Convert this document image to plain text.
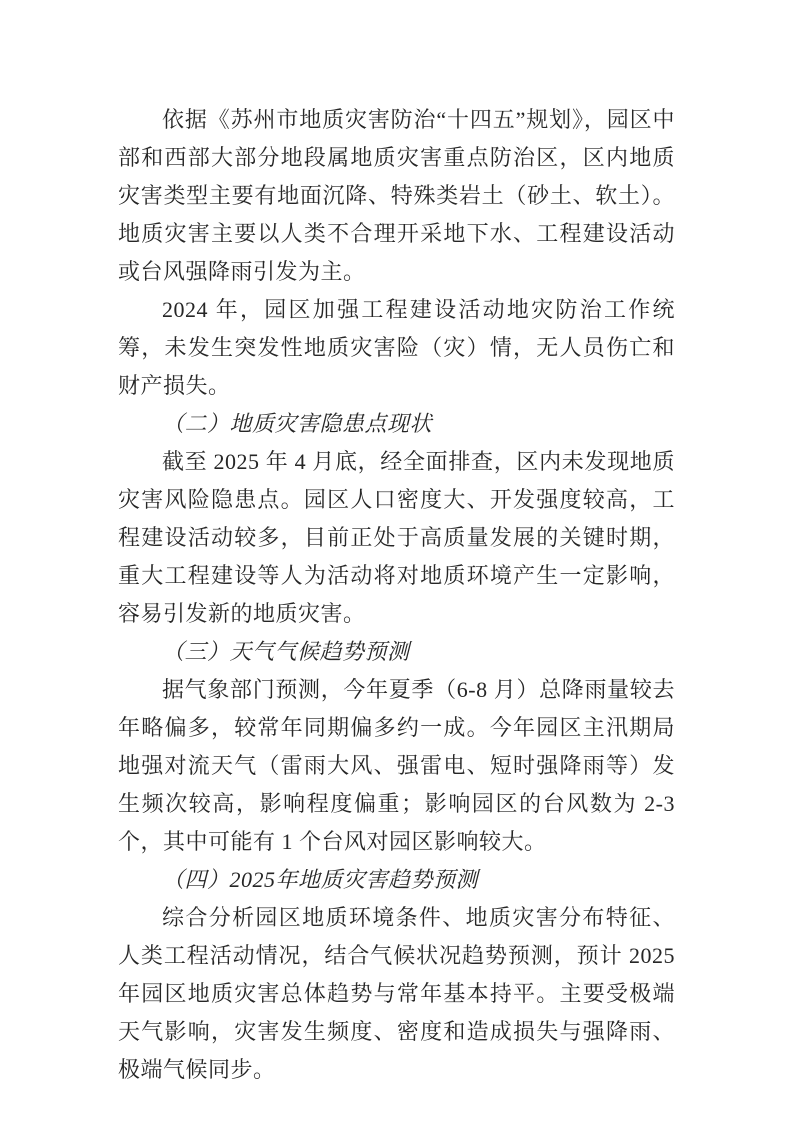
依据《苏州市地质灾害防治“十四五”规划》，园区中部和西部大部分地段属地质灾害重点防治区，区内地质灾害类型主要有地面沉降、特殊类岩土（砂土、软土）。地质灾害主要以人类不合理开采地下水、工程建设活动或台风强降雨引发为主。

2024 年，园区加强工程建设活动地灾防治工作统筹，未发生突发性地质灾害险（灾）情，无人员伤亡和财产损失。

（二）地质灾害隐患点现状

截至 2025 年 4 月底，经全面排查，区内未发现地质灾害风险隐患点。园区人口密度大、开发强度较高，工程建设活动较多，目前正处于高质量发展的关键时期，重大工程建设等人为活动将对地质环境产生一定影响，容易引发新的地质灾害。

（三）天气气候趋势预测

据气象部门预测，今年夏季（6-8 月）总降雨量较去年略偏多，较常年同期偏多约一成。今年园区主汛期局地强对流天气（雷雨大风、强雷电、短时强降雨等）发生频次较高，影响程度偏重；影响园区的台风数为 2-3 个，其中可能有 1 个台风对园区影响较大。

（四）2025年地质灾害趋势预测

综合分析园区地质环境条件、地质灾害分布特征、人类工程活动情况，结合气候状况趋势预测，预计 2025 年园区地质灾害总体趋势与常年基本持平。主要受极端天气影响，灾害发生频度、密度和造成损失与强降雨、极端气候同步。
